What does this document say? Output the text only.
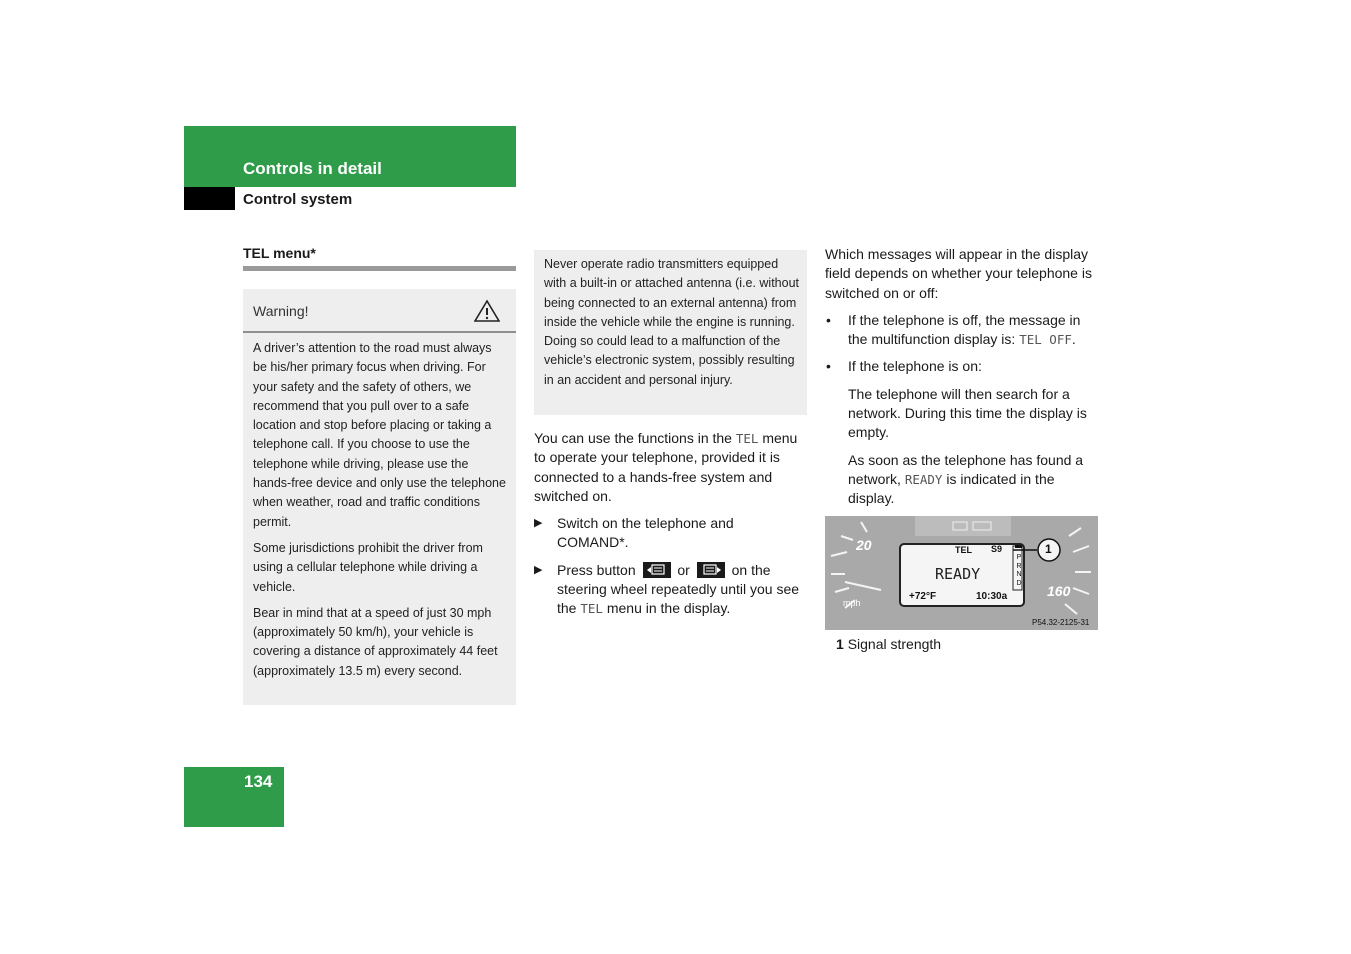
Controls in detail
Control system
TEL menu*
Warning!

A driver’s attention to the road must always be his/her primary focus when driving. For your safety and the safety of others, we recommend that you pull over to a safe location and stop before placing or taking a telephone call. If you choose to use the telephone while driving, please use the hands-free device and only use the telephone when weather, road and traffic conditions permit.

Some jurisdictions prohibit the driver from using a cellular telephone while driving a vehicle.

Bear in mind that at a speed of just 30 mph (approximately 50 km/h), your vehicle is covering a distance of approximately 44 feet (approximately 13.5 m) every second.

Never operate radio transmitters equipped with a built-in or attached antenna (i.e. without being connected to an external antenna) from inside the vehicle while the engine is running. Doing so could lead to a malfunction of the vehicle’s electronic system, possibly resulting in an accident and personal injury.

You can use the functions in the TEL menu to operate your telephone, provided it is connected to a hands-free system and switched on.

▶ Switch on the telephone and COMAND*.
▶ Press button	or	on the steering wheel repeatedly until you see the TEL menu in the display.

Which messages will appear in the display field depends on whether your telephone is switched on or off:

• If the telephone is off, the message in the multifunction display is: TEL OFF.
• If the telephone is on:
The telephone will then search for a network. During this time the display is empty.
As soon as the telephone has found a network, READY is indicated in the display.
20
160
mph
TEL S9
READY
+72°F	10:30a
P
R
N
D
1
P54.32-2125-31
1 Signal strength
134
